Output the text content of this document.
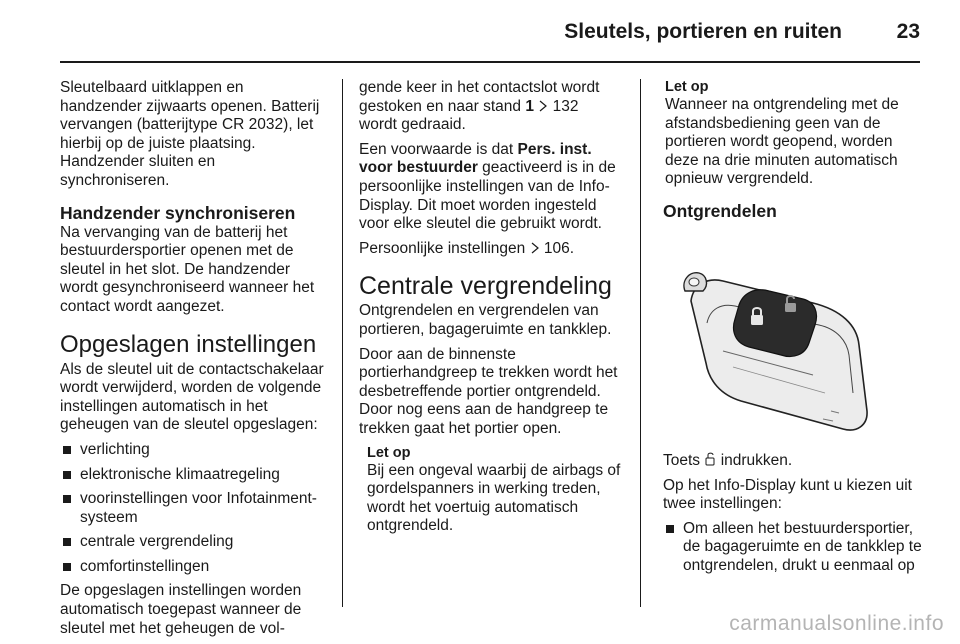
Sleutels, portieren en ruiten	23

Sleutelbaard uitklappen en handzender zijwaarts openen. Batterij vervangen (batterijtype CR 2032), let hierbij op de juiste plaatsing. Handzender sluiten en synchroniseren.

Handzender synchroniseren

Na vervanging van de batterij het bestuurdersportier openen met de sleutel in het slot. De handzender wordt gesynchroniseerd wanneer het contact wordt aangezet.

Opgeslagen instellingen

Als de sleutel uit de contactschakelaar wordt verwijderd, worden de volgende instellingen automatisch in het geheugen van de sleutel opgeslagen:

verlichting
elektronische klimaatregeling
voorinstellingen voor Infotainment-systeem
centrale vergrendeling
comfortinstellingen

De opgeslagen instellingen worden automatisch toegepast wanneer de sleutel met het geheugen de vol-

gende keer in het contactslot wordt gestoken en naar stand 1 132
wordt gedraaid.

Een voorwaarde is dat Pers. inst. voor bestuurder geactiveerd is in de persoonlijke instellingen van de Info-Display. Dit moet worden ingesteld voor elke sleutel die gebruikt wordt.

Persoonlijke instellingen 106.

Centrale vergrendeling

Ontgrendelen en vergrendelen van portieren, bagageruimte en tankklep.

Door aan de binnenste portierhandgreep te trekken wordt het desbetreffende portier ontgrendeld. Door nog eens aan de handgreep te trekken gaat het portier open.

Let op
Bij een ongeval waarbij de airbags of gordelspanners in werking treden, wordt het voertuig automatisch ontgrendeld.
Let op

Wanneer na ontgrendeling met de afstandsbediening geen van de portieren wordt geopend, worden deze na drie minuten automatisch opnieuw vergrendeld.

Ontgrendelen

Toets indrukken.

Op het Info-Display kunt u kiezen uit twee instellingen:

Om alleen het bestuurdersportier, de bagageruimte en de tankklep te ontgrendelen, drukt u eenmaal op
carmanualsonline.info
